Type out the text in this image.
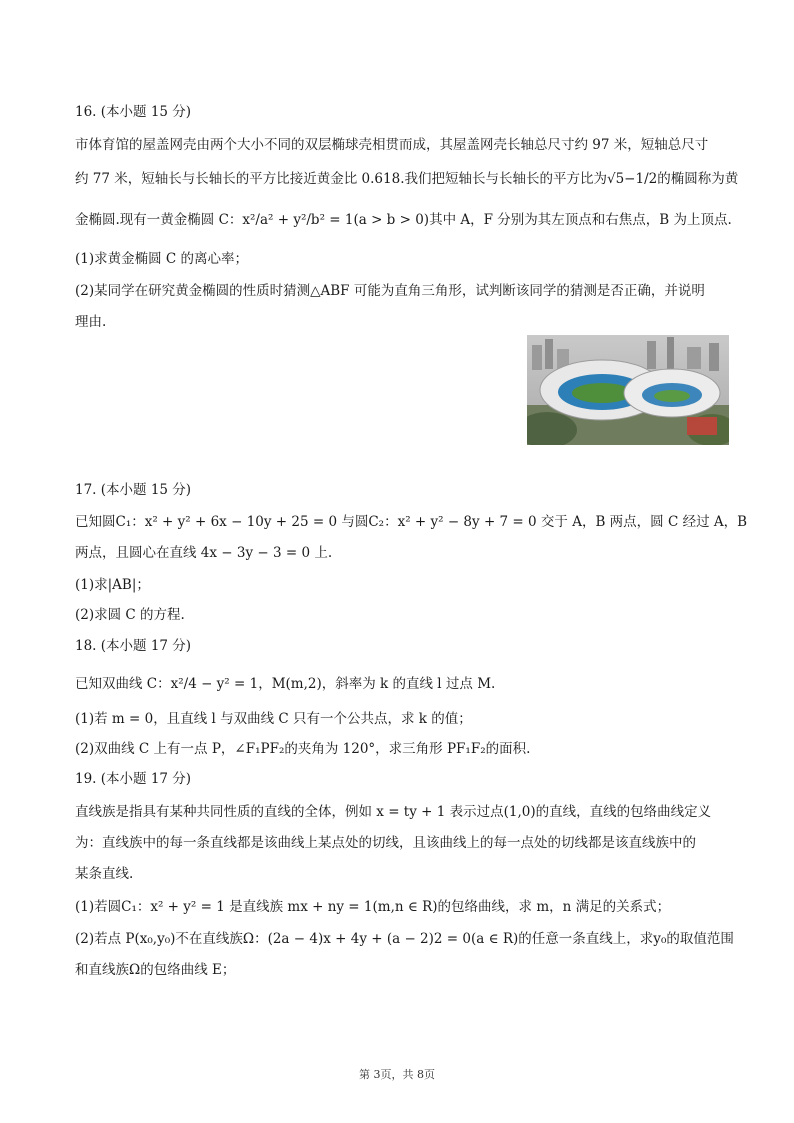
16. (本小题 15 分)
市体育馆的屋盖网壳由两个大小不同的双层椭球壳相贯而成，其屋盖网壳长轴总尺寸约 97 米，短轴总尺寸
约 77 米，短轴长与长轴长的平方比接近黄金比 0.618.我们把短轴长与长轴长的平方比为√5−1/2的椭圆称为黄
金椭圆.现有一黄金椭圆 C：x²/a² + y²/b² = 1(a > b > 0)其中 A，F 分别为其左顶点和右焦点，B 为上顶点.
(1)求黄金椭圆 C 的离心率；
(2)某同学在研究黄金椭圆的性质时猜测△ABF 可能为直角三角形，试判断该同学的猜测是否正确，并说明
理由.
17. (本小题 15 分)
已知圆C₁：x² + y² + 6x − 10y + 25 = 0 与圆C₂：x² + y² − 8y + 7 = 0 交于 A，B 两点，圆 C 经过 A，B
两点，且圆心在直线 4x − 3y − 3 = 0 上.
(1)求|AB|；
(2)求圆 C 的方程.
18. (本小题 17 分)
已知双曲线 C：x²/4 − y² = 1，M(m,2)，斜率为 k 的直线 l 过点 M.
(1)若 m = 0，且直线 l 与双曲线 C 只有一个公共点，求 k 的值；
(2)双曲线 C 上有一点 P，∠F₁PF₂的夹角为 120°，求三角形 PF₁F₂的面积.
19. (本小题 17 分)
直线族是指具有某种共同性质的直线的全体，例如 x = ty + 1 表示过点(1,0)的直线，直线的包络曲线定义
为：直线族中的每一条直线都是该曲线上某点处的切线，且该曲线上的每一点处的切线都是该直线族中的
某条直线.
(1)若圆C₁：x² + y² = 1 是直线族 mx + ny = 1(m,n ∈ R)的包络曲线，求 m，n 满足的关系式；
(2)若点 P(x₀,y₀)不在直线族Ω：(2a − 4)x + 4y + (a − 2)2 = 0(a ∈ R)的任意一条直线上，求y₀的取值范围
和直线族Ω的包络曲线 E；
第 3页，共 8页
